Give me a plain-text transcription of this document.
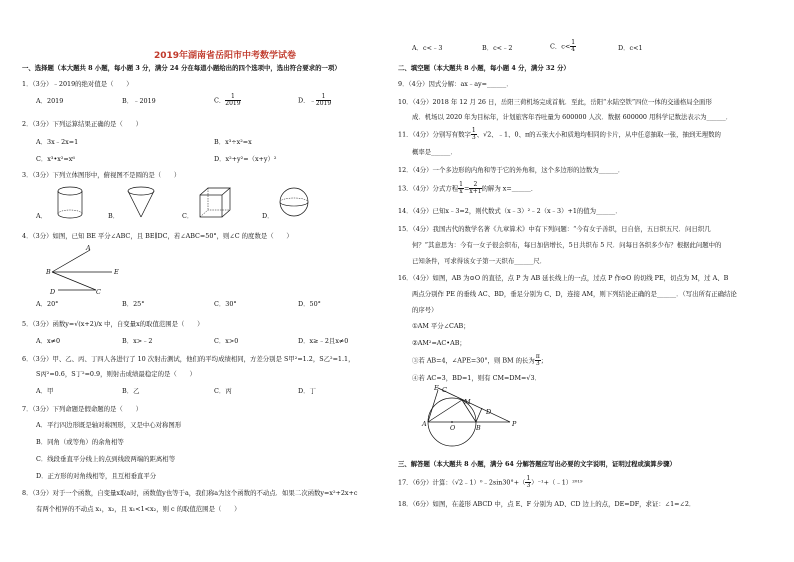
2019年湖南省岳阳市中考数学试卷
一、选择题（本大题共 8 小题，每小题 3 分，满分 24 分在每道小题给出的四个选项中，选出符合要求的一项）
1．（3分）﹣2019的绝对值是（　　）
A．2019	B．﹣2019	C． $\frac{1}{2019}$	D．﹣ $\frac{1}{2019}$
2．（3分）下列运算结果正确的是（　　）
A．3x﹣2x=1	B．x³÷x²=x
C．x³•x²=x⁶	D．x²+y²=（x+y）²
3．（3分）下列立体图形中，俯视图不是圆的是（　　）
A．	B．	C．	D．
4．（3分）如图，已知 BE 平分∠ABC，且 BE∥DC，若∠ABC=50°，则∠C 的度数是（　　）
A
B	E
D	C
A．20°	B．25°	C．30°	D．50°
5．（3分）函数y=√(x+2)/x 中，自变量x的取值范围是（　　）
A．x≠0	B．x>﹣2	C．x>0	D．x≥﹣2且x≠0
6．（3分）甲、乙、丙、丁四人各进行了 10 次射击测试，他们的平均成绩相同，方差分别是 S甲²=1.2，S乙²=1.1，
S丙²=0.6，S丁²=0.9，则射击成绩最稳定的是（　　）
A．甲	B．乙	C．丙	D．丁
7．（3分）下列命题是假命题的是（　　）
A．平行四边形既是轴对称图形，又是中心对称图形
B．同角（或等角）的余角相等
C．线段垂直平分线上的点到线段两端的距离相等
D．正方形的对角线相等，且互相垂直平分
8．（3分）对于一个函数，自变量x取a时，函数值y也等于a，我们称a为这个函数的不动点．如果二次函数y=x²+2x+c
有两个相异的不动点 x₁，x₂，且 x₁<1<x₂，则 c 的取值范围是（　　）
A．c<﹣3	B．c<﹣2	C．$c< \frac{1}{4}$	D．c<1
二、填空题（本大题共 8 小题，每小题 4 分，满分 32 分）
9．（4分）因式分解：ax﹣ay=______．
10．（4分）2018 年 12 月 26 日，岳阳三荷机场完成首航．至此，岳阳“水陆空铁”四位一体的交通格局全面形
成．机场以 2020 年为目标年，计划旅客年吞吐量为 600000 人次．数据 600000 用科学记数法表示为______．
11．（4分）分别写有数字 $\frac{1}{3}$ 、√2、﹣1、0、π的五张大小和质地均相同的卡片，从中任意抽取一张，抽到无理数的
概率是______．
12．（4分）一个多边形的内角和等于它的外角和，这个多边形的边数为______．
13．（4分）分式方程 $\frac{1}{x} = \frac{2}{x+1}$ 的解为 x=______．
14．（4分）已知x﹣3=2，则代数式（x﹣3）²﹣2（x﹣3）+1的值为______．
15．（4分）我国古代的数学名著《九章算术》中有下列问题：“今有女子善织，日自倍，五日织五尺．问日织几
何？”其意思为：今有一女子很会织布，每日加倍增长，5日共织布 5 尺．问每日各织多少布？根据此问题中的
已知条件，可求得该女子第一天织布______尺．
16．（4分）如图，AB 为⊙O 的直径，点 P 为 AB 延长线上的一点，过点 P 作⊙O 的切线 PE，切点为 M，过 A、B
两点分别作 PE 的垂线 AC、BD，垂足分别为 C、D，连接 AM，则下列结论正确的是______．（写出所有正确结论
的序号）
①AM 平分∠CAB；
②AM²=AC•AB；
③若 AB=4，∠APE=30°，则 BM 的长为 $\frac{\pi}{3}$ ；
④若 AC=3，BD=1，则有 CM=DM=√3．
E C
M
A	O	B
D
P
三、解答题（本大题共 8 小题，满分 64 分解答题应写出必要的文字说明，证明过程或演算步骤）
17．（6分）计算：（√2﹣1）⁰﹣2sin30°+（ $\frac{1}{3}$ ）⁻¹+（﹣1）²⁰¹⁹
18．（6分）如图，在菱形 ABCD 中，点 E、F 分别为 AD、CD 边上的点，DE=DF，求证：∠1=∠2．
